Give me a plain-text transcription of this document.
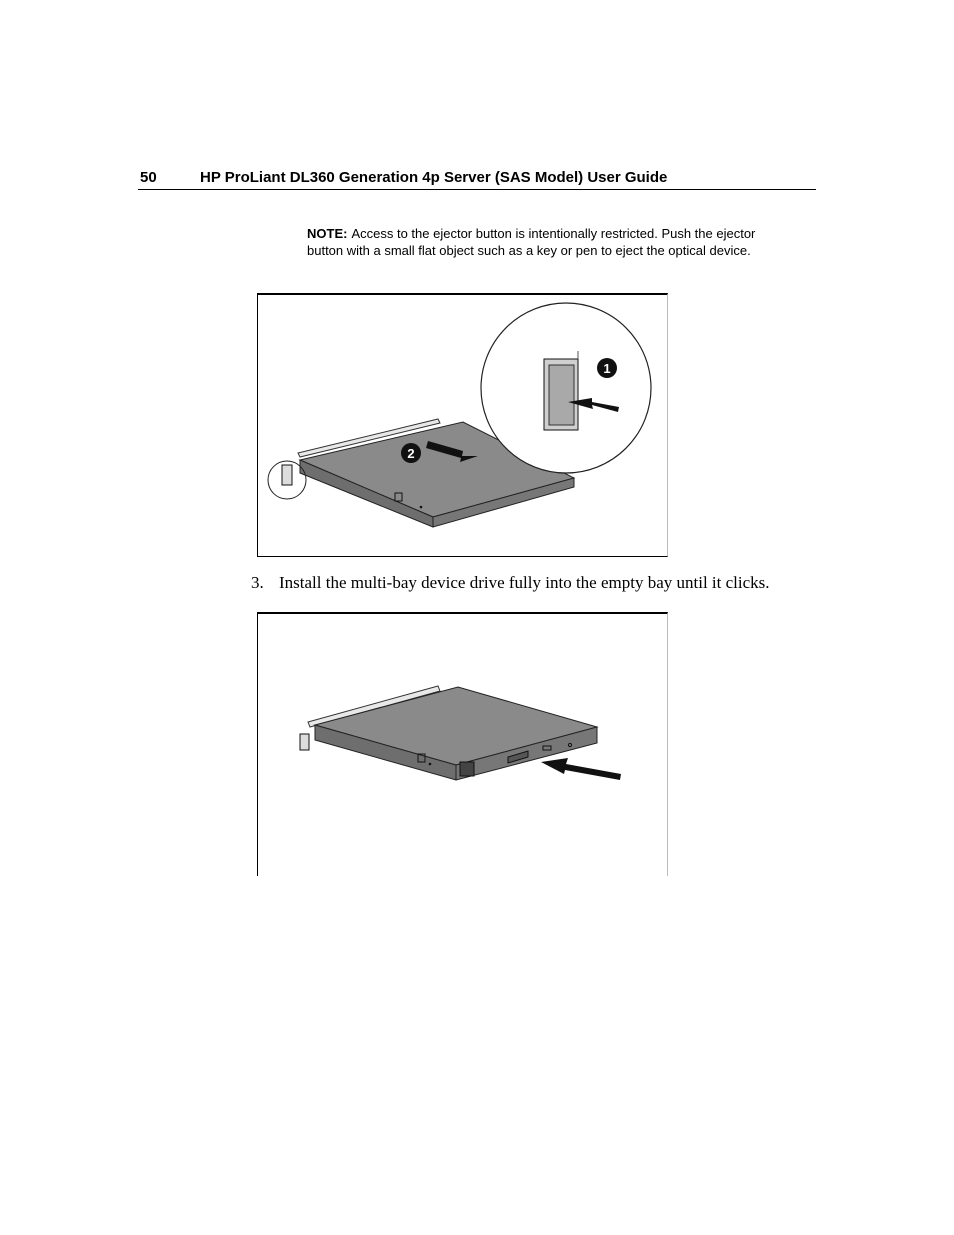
50	HP ProLiant DL360 Generation 4p Server (SAS Model) User Guide
NOTE: Access to the ejector button is intentionally restricted. Push the ejector button with a small flat object such as a key or pen to eject the optical device.
2
1
3. Install the multi-bay device drive fully into the empty bay until it clicks.
